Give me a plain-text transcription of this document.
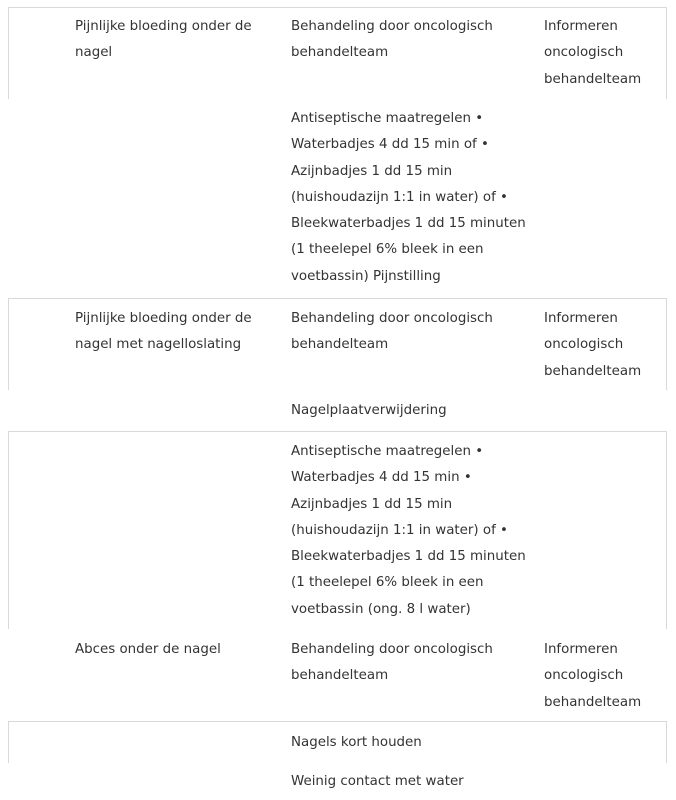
Pijnlijke bloeding onder de nagel

Behandeling door oncologisch behandelteam

Informeren oncologisch behandelteam

Antiseptische maatregelen • Waterbadjes 4 dd 15 min of • Azijnbadjes 1 dd 15 min (huishoudazijn 1:1 in water) of • Bleekwaterbadjes 1 dd 15 minuten (1 theelepel 6% bleek in een voetbassin) Pijnstilling

Pijnlijke bloeding onder de nagel met nagelloslating

Behandeling door oncologisch behandelteam

Informeren oncologisch behandelteam

Nagelplaatverwijdering

Antiseptische maatregelen • Waterbadjes 4 dd 15 min • Azijnbadjes 1 dd 15 min (huishoudazijn 1:1 in water) of • Bleekwaterbadjes 1 dd 15 minuten (1 theelepel 6% bleek in een voetbassin (ong. 8 l water)

Abces onder de nagel	Behandeling door oncologisch behandelteam

Informeren oncologisch behandelteam

Nagels kort houden

Weinig contact met water
